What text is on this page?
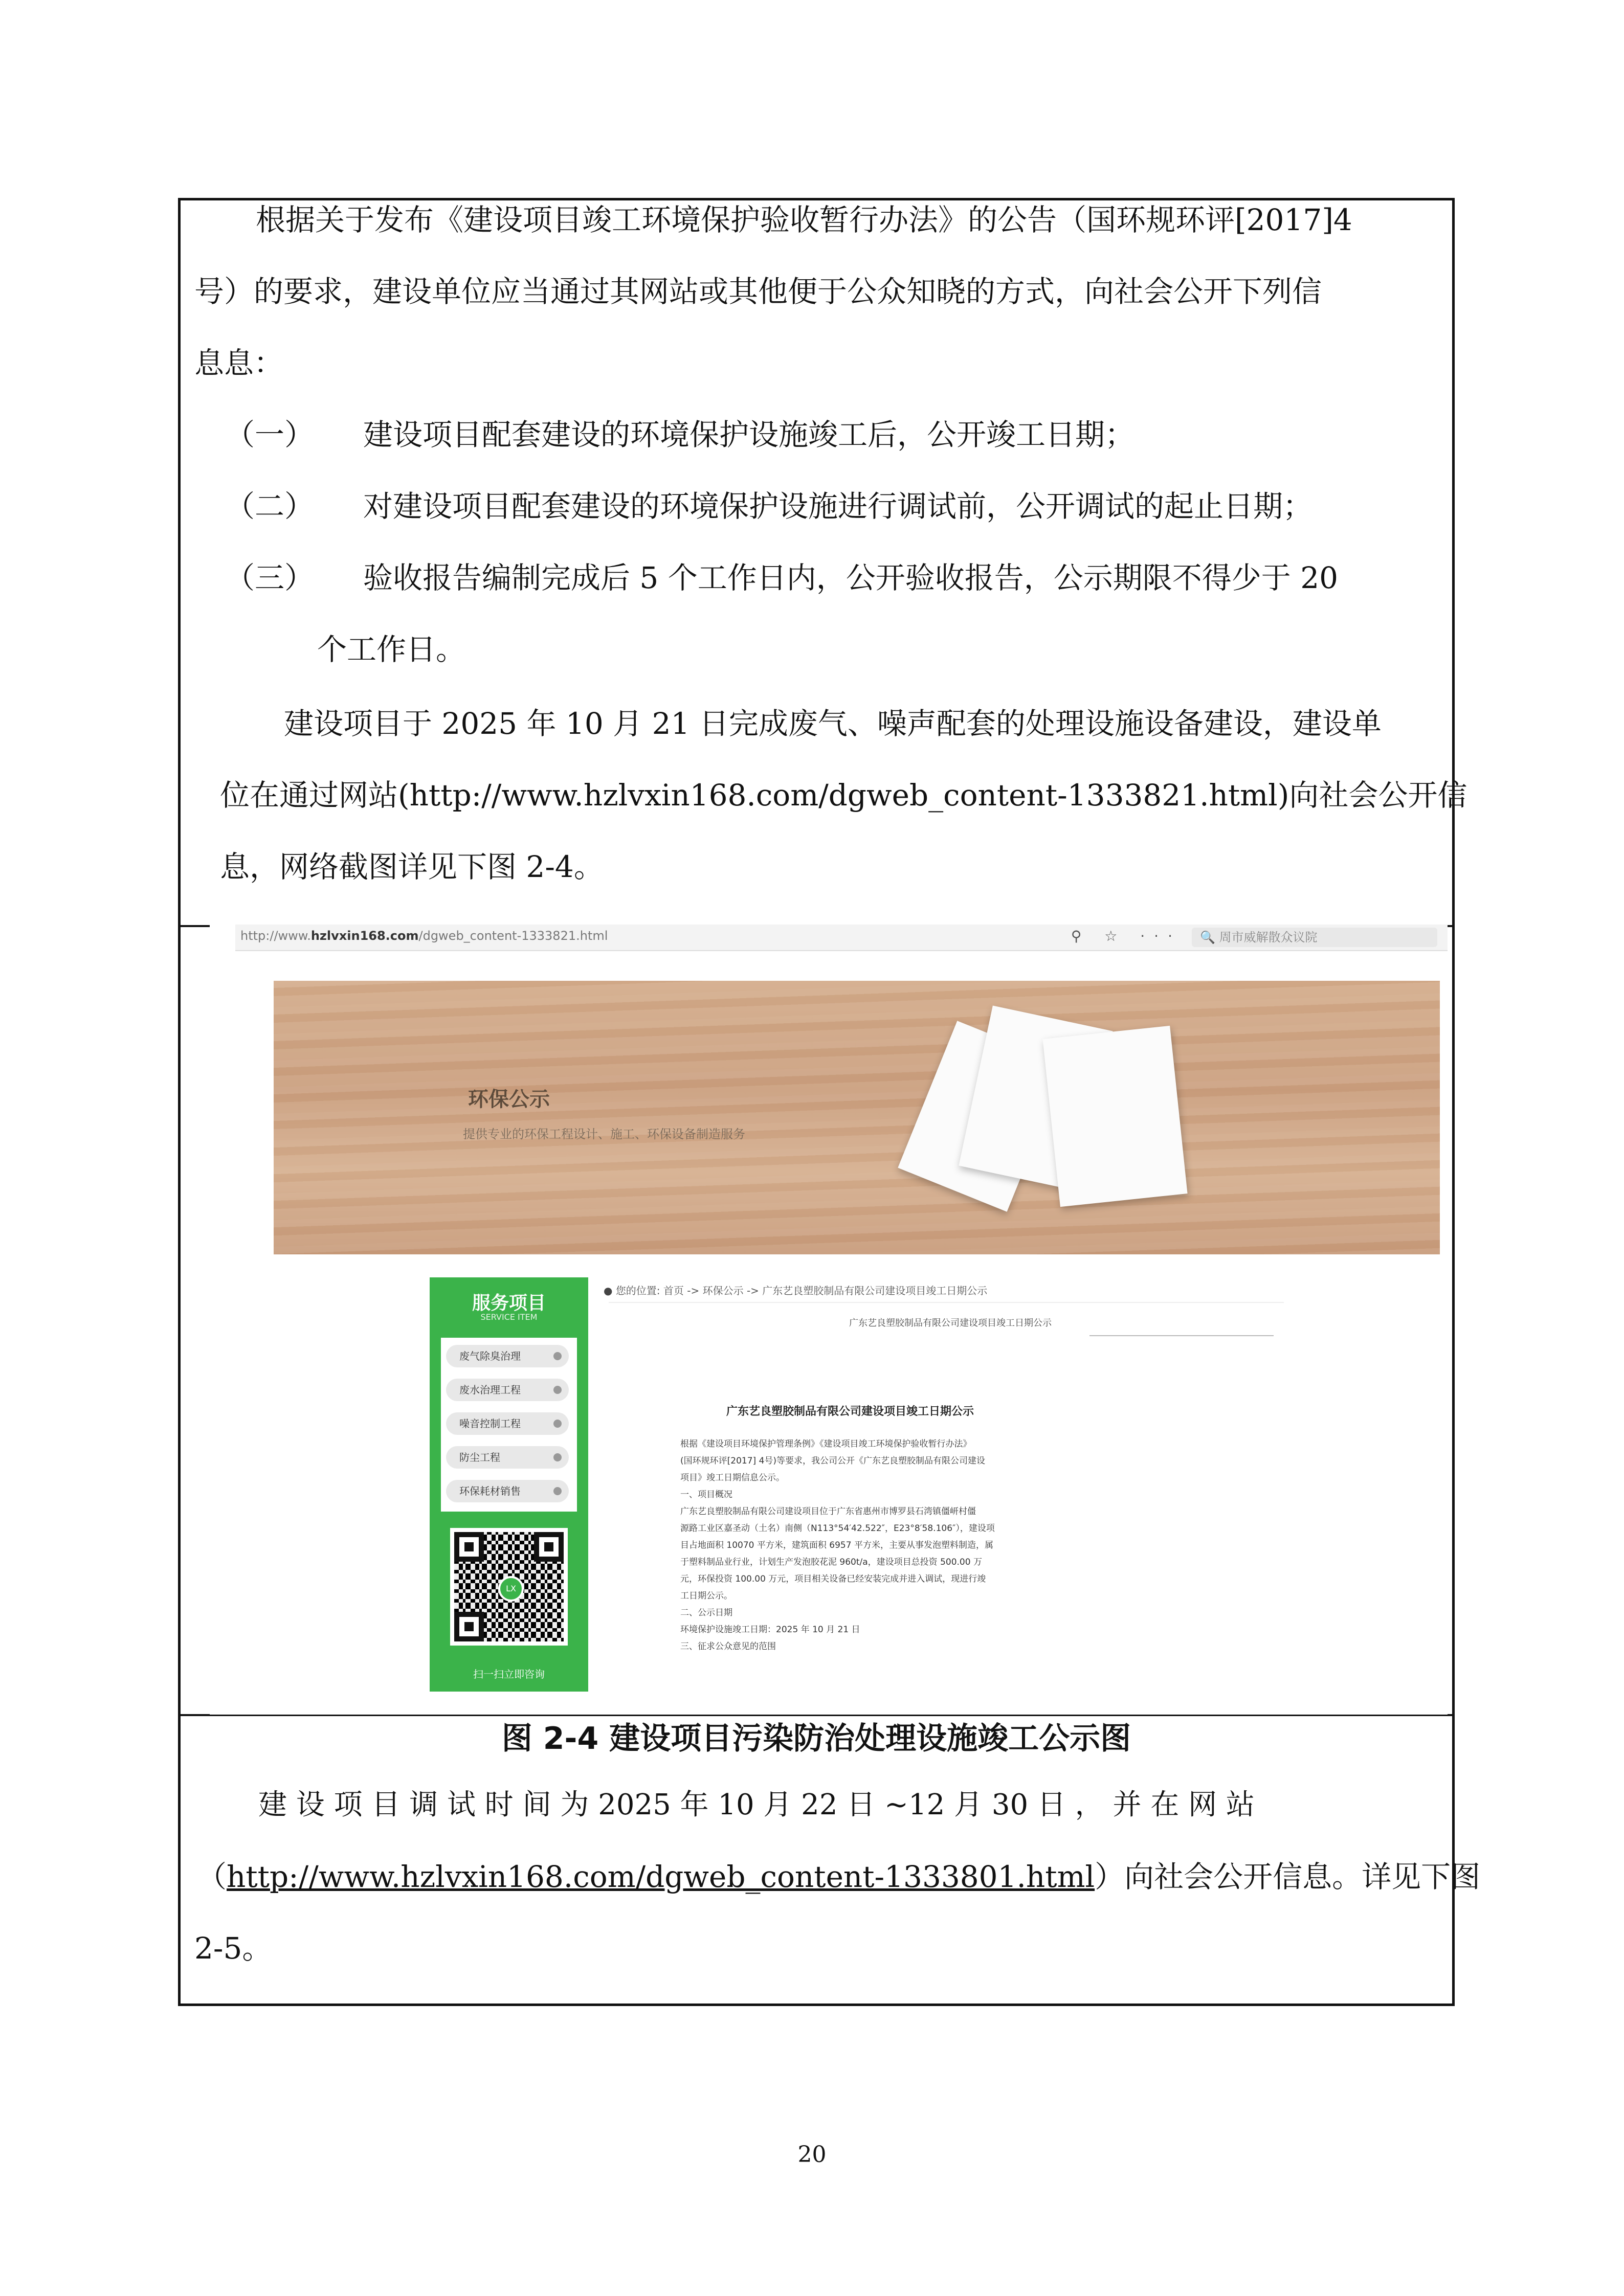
根据关于发布《建设项目竣工环境保护验收暂行办法》的公告（国环规环评[2017]4
号）的要求，建设单位应当通过其网站或其他便于公众知晓的方式，向社会公开下列信
息息：
（一） 建设项目配套建设的环境保护设施竣工后，公开竣工日期；
（二） 对建设项目配套建设的环境保护设施进行调试前，公开调试的起止日期；
（三） 验收报告编制完成后 5 个工作日内，公开验收报告，公示期限不得少于 20
个工作日。
建设项目于 2025 年 10 月 21 日完成废气、噪声配套的处理设施设备建设，建设单
位在通过网站(http://www.hzlvxin168.com/dgweb_content-1333821.html)向社会公开信
息，网络截图详见下图 2-4。
http://www.hzlvxin168.com/dgweb_content-1333821.html	⚲ ☆ ···	🔍 周市威解散众议院
环保公示
提供专业的环保工程设计、施工、环保设备制造服务
服务项目
SERVICE ITEM
废气除臭治理
废水治理工程
噪音控制工程
防尘工程
环保耗材销售
LX
扫一扫立即咨询
● 您的位置: 首页 -> 环保公示 -> 广东艺良塑胶制品有限公司建设项目竣工日期公示
广东艺良塑胶制品有限公司建设项目竣工日期公示
广东艺良塑胶制品有限公司建设项目竣工日期公示
根据《建设项目环境保护管理条例》《建设项目竣工环境保护验收暂行办法》
(国环规环评[2017] 4号)等要求，我公司公开《广东艺良塑胶制品有限公司建设
项目》竣工日期信息公示。
一、项目概况
广东艺良塑胶制品有限公司建设项目位于广东省惠州市博罗县石湾镇僵岍村僵
源路工业区嘉圣动（土名）南侧（N113°54′42.522″，E23°8′58.106″），建设项
目占地面积 10070 平方米，建筑面积 6957 平方米，主要从事发泡塑料制造，属
于塑料制品业行业，计划生产发泡胶花泥 960t/a，建设项目总投资 500.00 万
元，环保投资 100.00 万元，项目相关设备已经安装完成并进入调试，现进行竣
工日期公示。
二、公示日期
环境保护设施竣工日期：2025 年 10 月 21 日
三、征求公众意见的范围
图 2-4 建设项目污染防治处理设施竣工公示图
建 设 项 目 调 试 时 间 为 2025 年 10 月 22 日 ~12 月 30 日 ， 并 在 网 站
（http://www.hzlvxin168.com/dgweb_content-1333801.html）向社会公开信息。详见下图
2-5。
20
